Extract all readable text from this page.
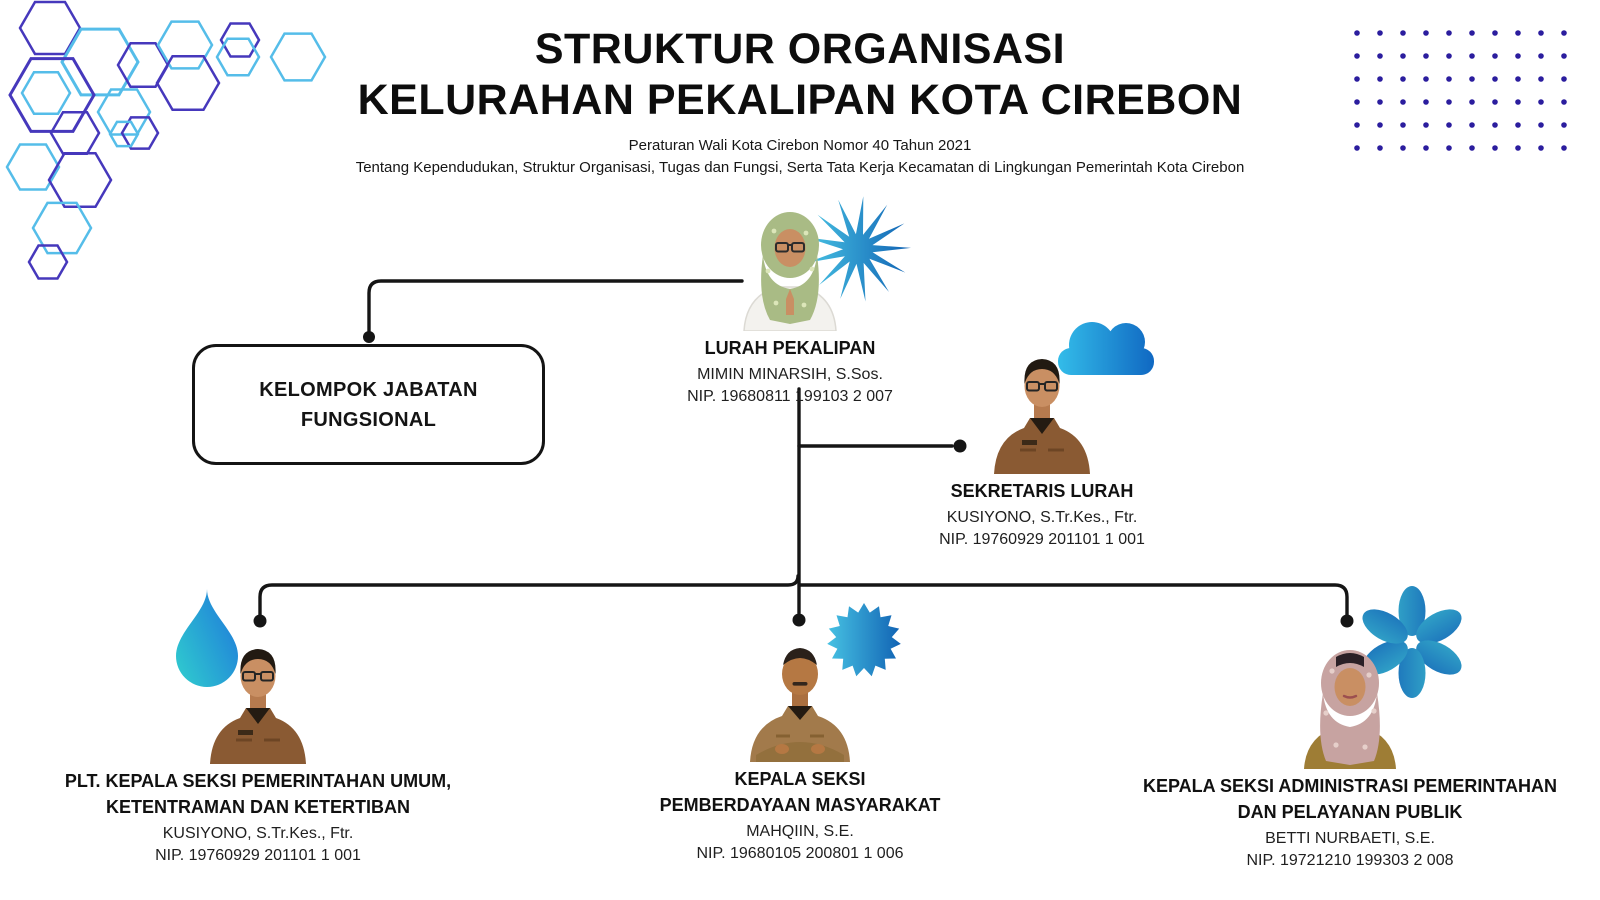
STRUKTUR ORGANISASI
KELURAHAN PEKALIPAN KOTA CIREBON
Peraturan Wali Kota Cirebon Nomor 40 Tahun 2021
Tentang Kependudukan, Struktur Organisasi, Tugas dan Fungsi, Serta Tata Kerja Kecamatan di Lingkungan Pemerintah Kota Cirebon
KELOMPOK JABATAN
FUNGSIONAL
LURAH PEKALIPAN
MIMIN MINARSIH, S.Sos.
NIP. 19680811 199103 2 007
SEKRETARIS LURAH
KUSIYONO, S.Tr.Kes., Ftr.
NIP. 19760929 201101 1 001
PLT. KEPALA SEKSI PEMERINTAHAN UMUM,
KETENTRAMAN DAN KETERTIBAN
KUSIYONO, S.Tr.Kes., Ftr.
NIP. 19760929 201101 1 001
KEPALA SEKSI
PEMBERDAYAAN MASYARAKAT
MAHQIIN, S.E.
NIP. 19680105 200801 1 006
KEPALA SEKSI ADMINISTRASI PEMERINTAHAN
DAN PELAYANAN PUBLIK
BETTI NURBAETI, S.E.
NIP. 19721210 199303 2 008
